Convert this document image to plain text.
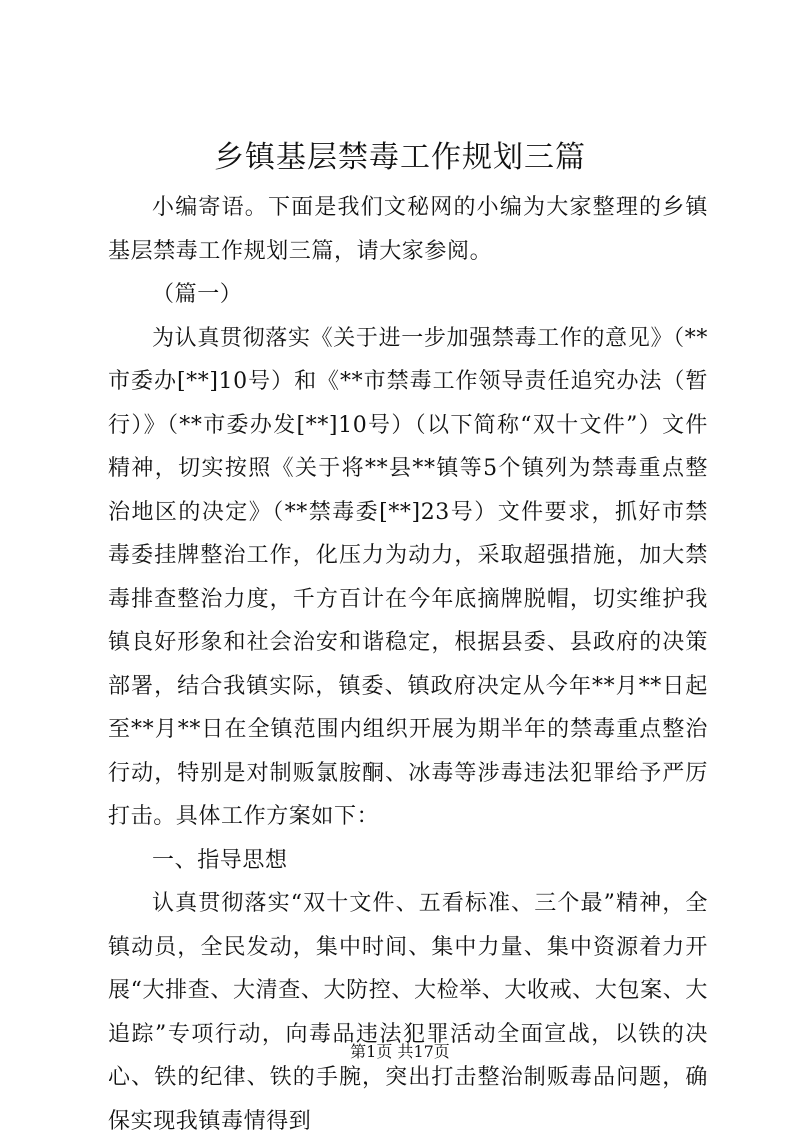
乡镇基层禁毒工作规划三篇

小编寄语。下面是我们文秘网的小编为大家整理的乡镇基层禁毒工作规划三篇，请大家参阅。

（篇一）

为认真贯彻落实《关于进一步加强禁毒工作的意见》（**市委办[**]10号）和《**市禁毒工作领导责任追究办法（暂行）》（**市委办发[**]10号）（以下简称“双十文件”）文件精神，切实按照《关于将**县**镇等5个镇列为禁毒重点整治地区的决定》（**禁毒委[**]23号）文件要求，抓好市禁毒委挂牌整治工作，化压力为动力，采取超强措施，加大禁毒排查整治力度，千方百计在今年底摘牌脱帽，切实维护我镇良好形象和社会治安和谐稳定，根据县委、县政府的决策部署，结合我镇实际，镇委、镇政府决定从今年**月**日起至**月**日在全镇范围内组织开展为期半年的禁毒重点整治行动，特别是对制贩氯胺酮、冰毒等涉毒违法犯罪给予严厉打击。具体工作方案如下：

一、指导思想

认真贯彻落实“双十文件、五看标准、三个最”精神，全镇动员，全民发动，集中时间、集中力量、集中资源着力开展“大排查、大清查、大防控、大检举、大收戒、大包案、大追踪”专项行动，向毒品违法犯罪活动全面宣战，以铁的决心、铁的纪律、铁的手腕，突出打击整治制贩毒品问题，确保实现我镇毒情得到

第1页 共17页
